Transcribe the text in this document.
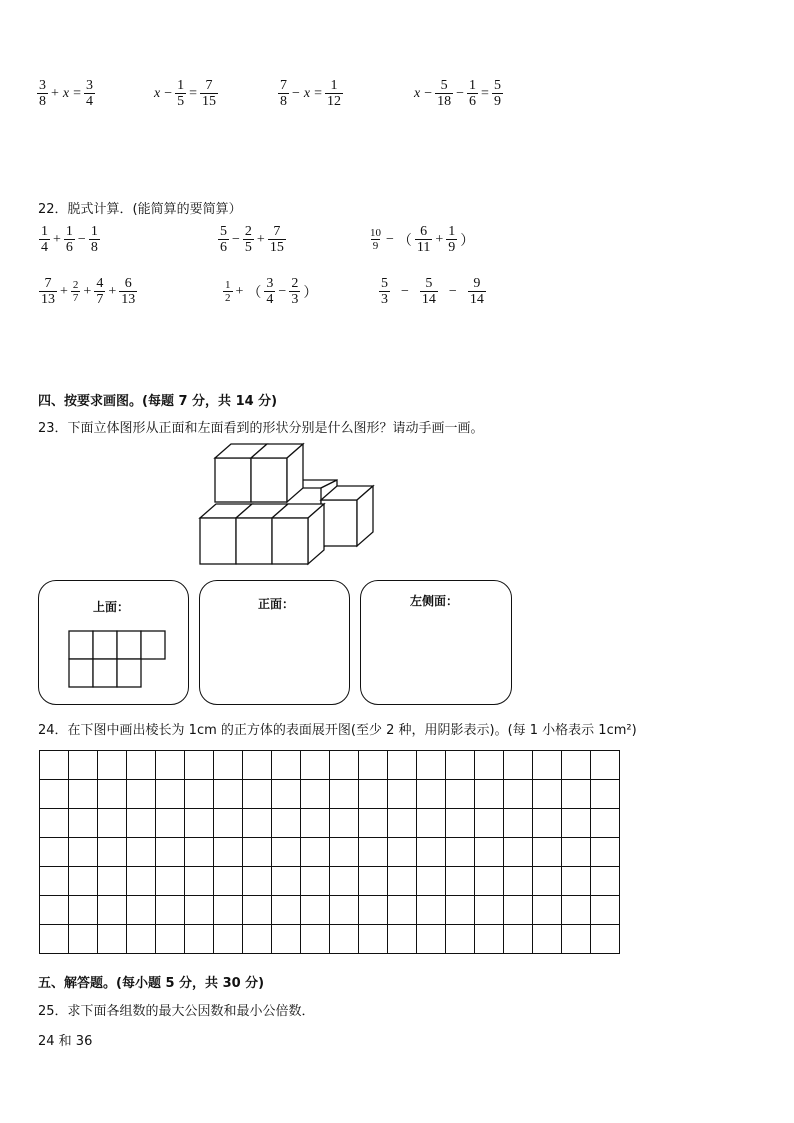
$\frac{3}{8} + x = \frac{3}{4}$	$x - \frac{1}{5} = \frac{7}{15}$	$\frac{7}{8} - x = \frac{1}{12}$	$x - \frac{5}{18} - \frac{1}{6} = \frac{5}{9}$
22．脱式计算．(能简算的要简算）
$\frac{1}{4} + \frac{1}{6} - \frac{1}{8}$	$\frac{5}{6} - \frac{2}{5} + \frac{7}{15}$	$\frac{10}{9}$ − （ $\frac{6}{11} + \frac{1}{9}$ ）
$\frac{7}{13} + \frac{2}{7} + \frac{4}{7} + \frac{6}{13}$	$\frac{1}{2}$ + （ $\frac{3}{4} - \frac{2}{3}$ ）	$\frac{5}{3} - \frac{5}{14} - \frac{9}{14}$
四、按要求画图。(每题 7 分，共 14 分)
23．下面立体图形从正面和左面看到的形状分别是什么图形？请动手画一画。
上面：	正面：	左侧面：
24．在下图中画出棱长为 1cm 的正方体的表面展开图(至少 2 种，用阴影表示)。(每 1 小格表示 1cm²)

五、解答题。(每小题 5 分，共 30 分)
25．求下面各组数的最大公因数和最小公倍数．
24 和 36
